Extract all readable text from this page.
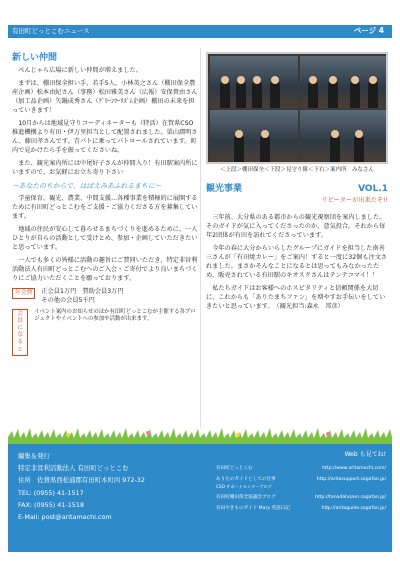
有田町どっとこむニュース	ページ 4
新しい仲間

ぺんじゃら広場に新しい仲間が増えました。

まずは、棚田保全担い手、若手5人、小林英之さん（棚田保全農産企画）松本由紀さん（事務）松田雅美さん（広報）安保貴由さん（加工品企画）矢鍋成秀さん（ｸﾞﾘｰﾝﾂｰﾘｽﾞﾑ企画）棚田の未来を担っていきます！

10月からは地域見守りコーディネーターも（特活）在賀県CSO推進機構より有田・伊万里担当として配置されました。栗山潤明さん、藤田孝さんです。青パトに乗ってパトロールされています。町内で見かけたら手を振ってくださいね。

また、観光案内所には中尾好子さんが仲間入り！有田駅案内所にいますので、お気軽にお立ち寄り下さい

～あなたのちからで、はばえみあふれるまちに～

学童保育、観光、農業、中間支援…各種事業を積極的に展開するために有田町どっとこむをご支援・ご協力くださる方を募集しています。

地域の住民が安心して暮らせるまちづくりを進めるために、一人ひとりが自らの活動として受けとめ、参加・企画していただきたいと思っています。

一人でも多くの皆様に活動の趣旨にご賛同いただき、特定非営利活動法人有田町どっとこむへのご入会・ご寄付でより良いまちづくりにご協力いただくことを願っております。

年会費	正会員1万円　賛助会員3万円
その他の会員5千円
会員に
なると
イベント案内のお知らせのほか有田町どっとこむが主催する各プロジェクトやイベントへの参加や活動が出来ます。
＜上段＞棚田保全＜下段＞見守り隊＜下右＞案内所　みなさん
観光事業	VOL.1
リピーターが出来たぞ!!

三年前、大分県のある都市からの観光視察団を案内しました。そのガイドが気に入ってくださったのか、意気投合。それから毎年2団体が有田を訪れてくださっています。

今年の春に大分からいらしたグループにガイドを担当した南善三さんが「有田焼カレー」をご案内！すると一度に32個も注文されました。まさかそんなことになるとは思ってもみなかったため、販売されている有田駅のキオスクさんはテンテコマイ！！

私たちガイドはお客様へのホスピタリティと信頼関係を大切に、これからも「ありたまちファン」を増やすお手伝いをしていきたいと思っています。　（観光担当:森永　邦彦）

編集＆発行
特定非営利活動法人 有田町どっとこむ
住所　佐賀県西松浦郡有田町本町丙 972-32
TEL: (0955) 41-1517
FAX: (0955) 41-1518
E-Mail: post@aritamachi.com
Web も見てね!
有田町どっとこむ	http://www.aritamachi.com/
ありたのガイドとしての仕事
CSO サポートセンターブログ
http://aritasupport.sagafan.jp/
有田町棚田保全協議会ブログ	http://tanadahozen.sagafan.jp/
有田やきものガイド Mary 英語日記	http://aritaguide.sagafan.jp/
